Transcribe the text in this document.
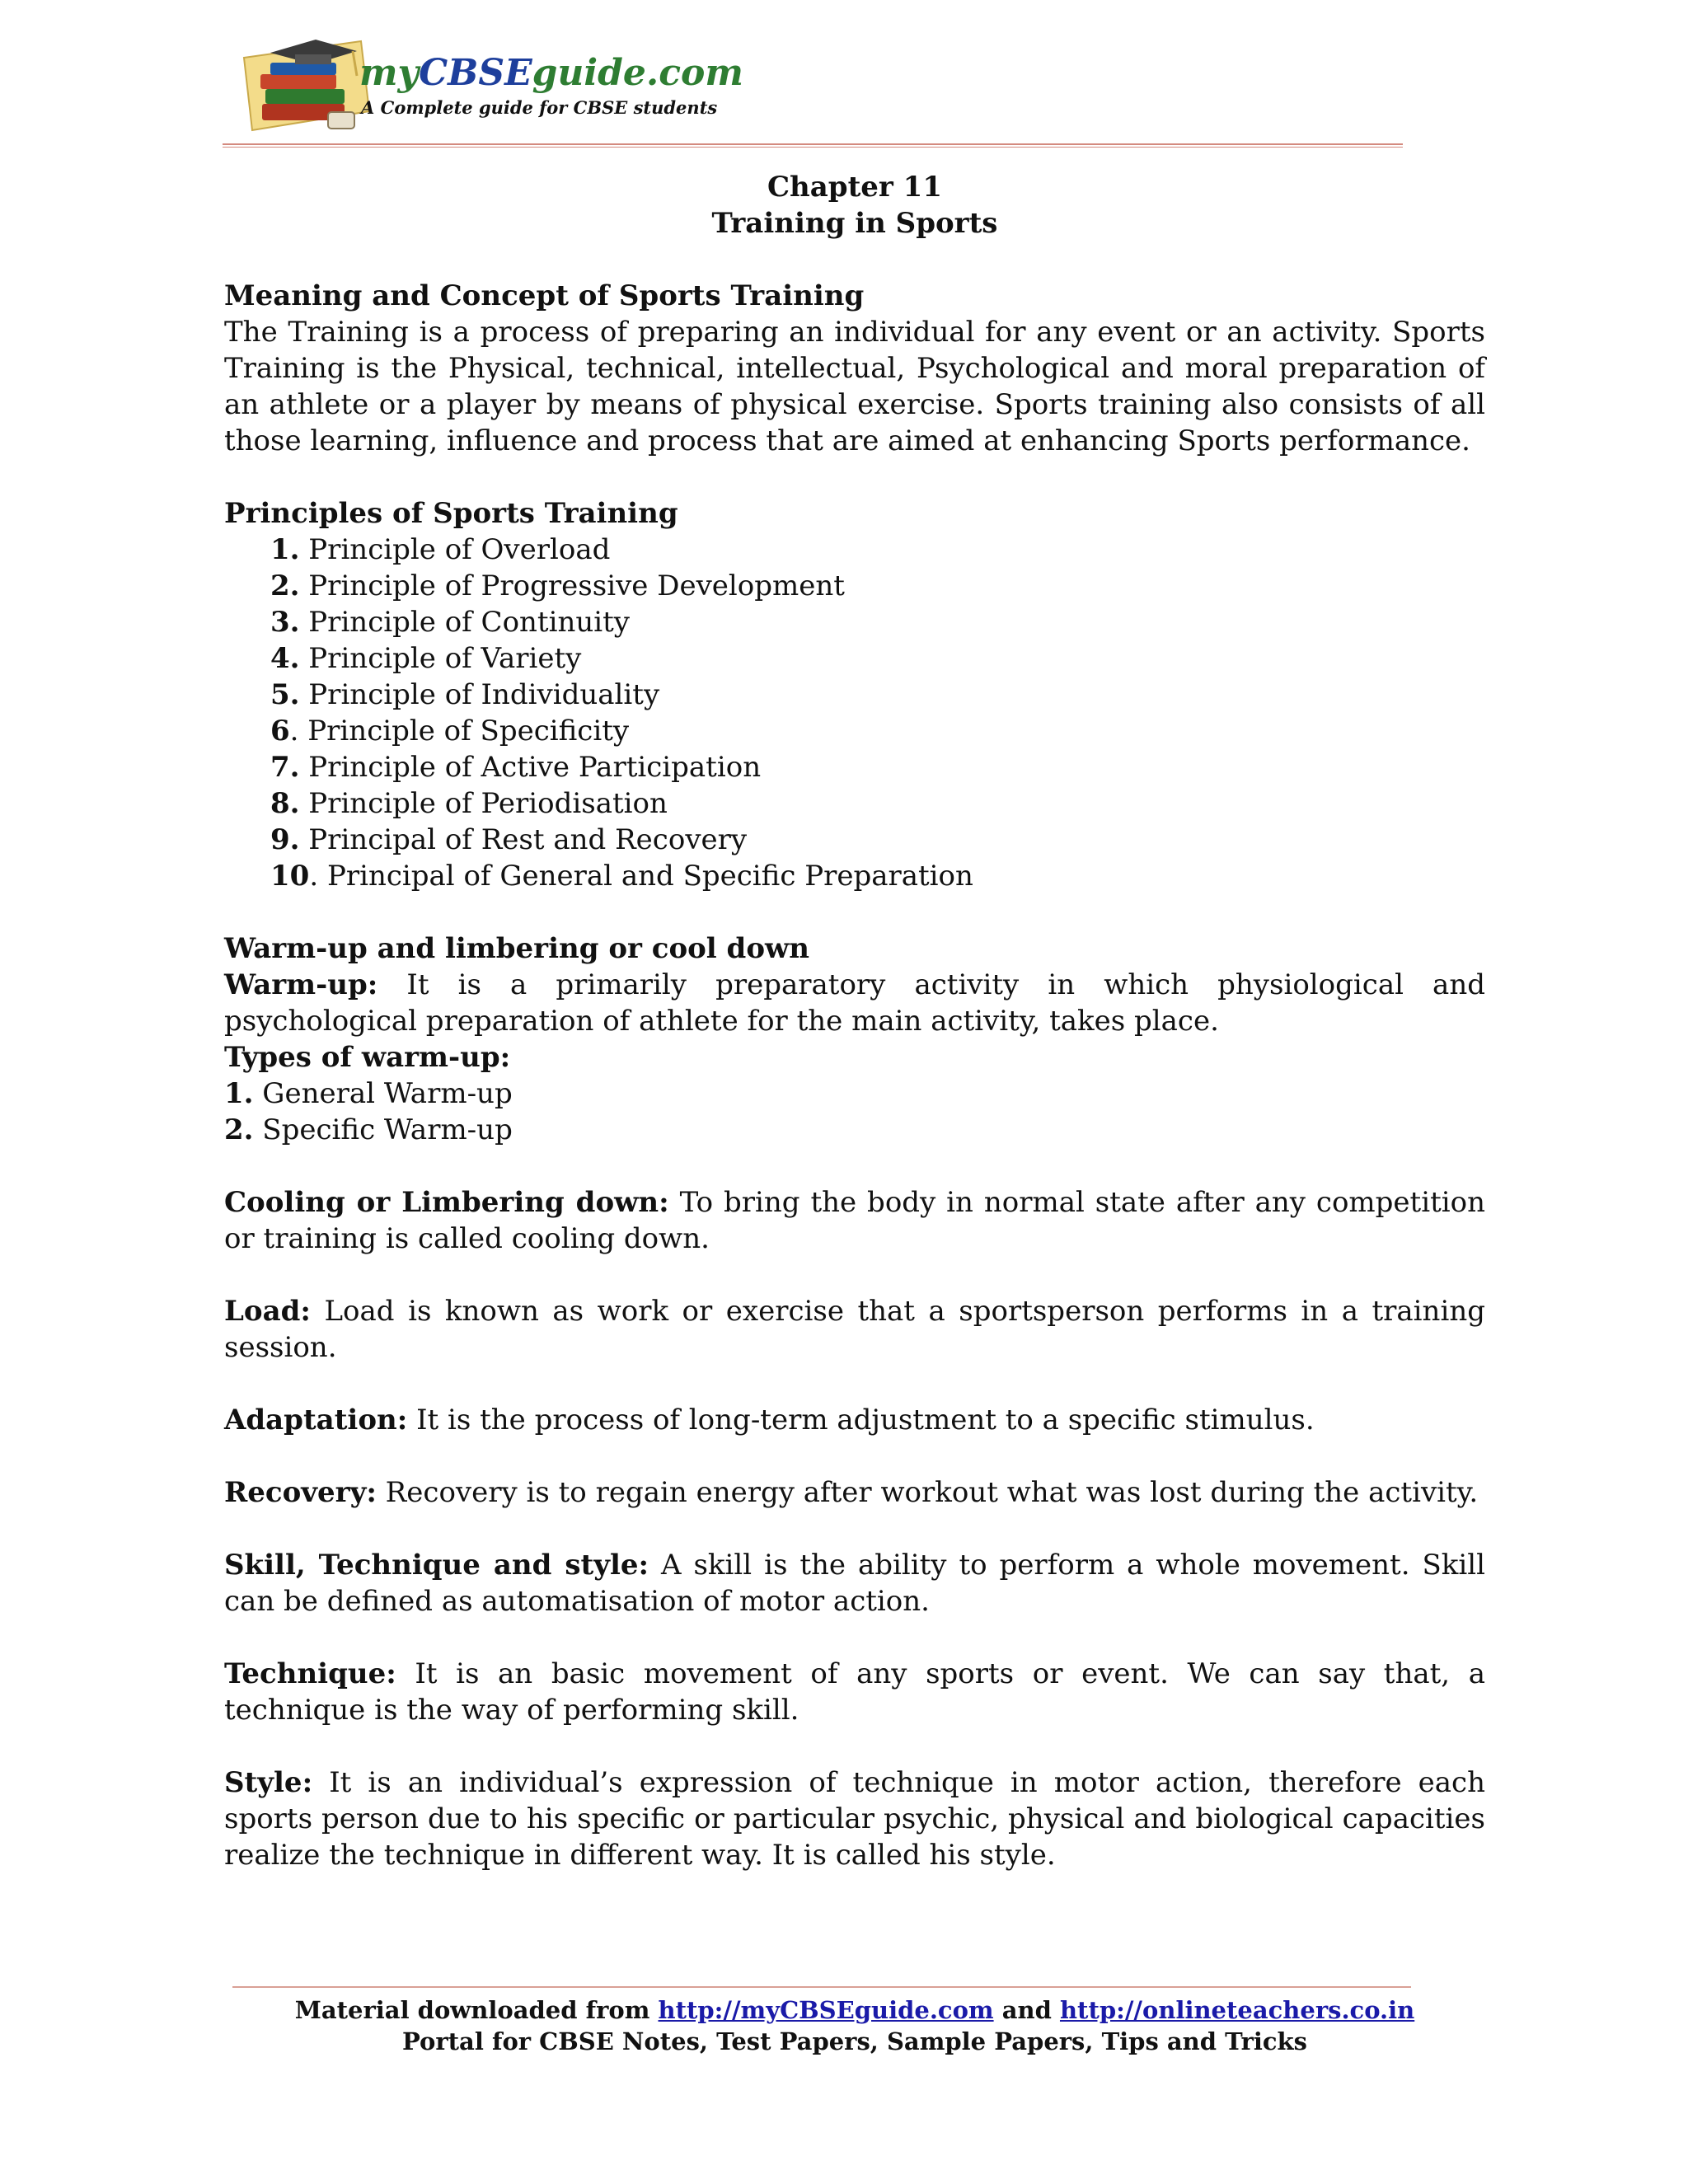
myCBSEguide.com
A Complete guide for CBSE students
Chapter 11
Training in Sports
Meaning and Concept of Sports Training

The Training is a process of preparing an individual for any event or an activity. Sports Training is the Physical, technical, intellectual, Psychological and moral preparation of an athlete or a player by means of physical exercise. Sports training also consists of all those learning, influence and process that are aimed at enhancing Sports performance.

Principles of Sports Training
1. Principle of Overload
2. Principle of Progressive Development
3. Principle of Continuity
4. Principle of Variety
5. Principle of Individuality
6. Principle of Specificity
7. Principle of Active Participation
8. Principle of Periodisation
9. Principal of Rest and Recovery
10. Principal of General and Specific Preparation
Warm-up and limbering or cool down

Warm-up: It is a primarily preparatory activity in which physiological and psychological preparation of athlete for the main activity, takes place.

Types of warm-up:
1. General Warm-up
2. Specific Warm-up

Cooling or Limbering down: To bring the body in normal state after any competition or training is called cooling down.

Load: Load is known as work or exercise that a sportsperson performs in a training session.

Adaptation: It is the process of long-term adjustment to a specific stimulus.

Recovery: Recovery is to regain energy after workout what was lost during the activity.

Skill, Technique and style: A skill is the ability to perform a whole movement. Skill can be defined as automatisation of motor action.

Technique: It is an basic movement of any sports or event. We can say that, a technique is the way of performing skill.

Style: It is an individual’s expression of technique in motor action, therefore each sports person due to his specific or particular psychic, physical and biological capacities realize the technique in different way. It is called his style.

Material downloaded from http://myCBSEguide.com and http://onlineteachers.co.in
Portal for CBSE Notes, Test Papers, Sample Papers, Tips and Tricks
